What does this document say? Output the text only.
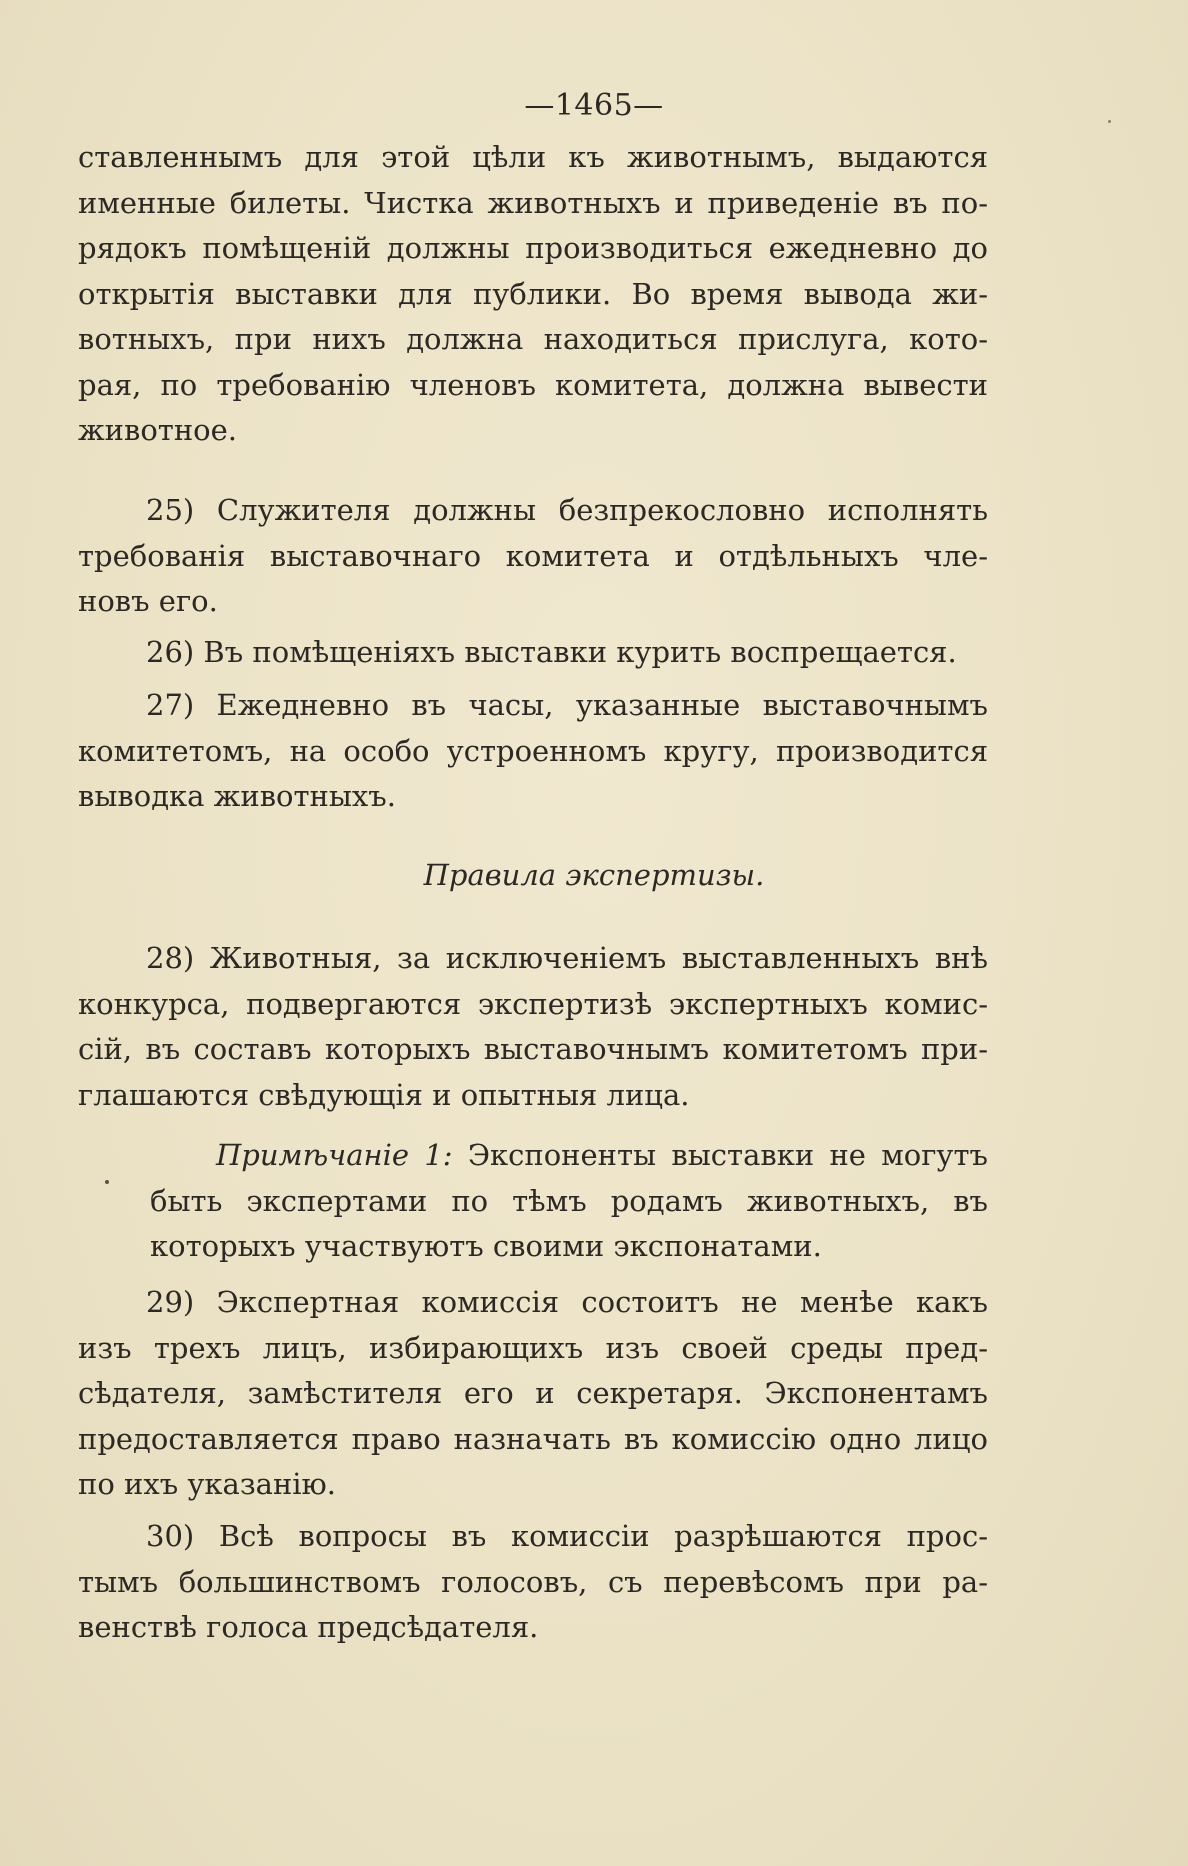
—1465—
ставленнымъ для этой цѣли къ животнымъ, выдаются
именные билеты. Чистка животныхъ и приведеніе въ по-
рядокъ помѣщеній должны производиться ежедневно до
открытія выставки для публики. Во время вывода жи-
вотныхъ, при нихъ должна находиться прислуга, кото-
рая, по требованію членовъ комитета, должна вывести
животное.
25) Служителя должны безпрекословно исполнять
требованія выставочнаго комитета и отдѣльныхъ чле-
новъ его.
26) Въ помѣщеніяхъ выставки курить воспрещается.
27) Ежедневно въ часы, указанные выставочнымъ
комитетомъ, на особо устроенномъ кругу, производится
выводка животныхъ.
Правила экспертизы.
28) Животныя, за исключеніемъ выставленныхъ внѣ
конкурса, подвергаются экспертизѣ экспертныхъ комис-
сій, въ составъ которыхъ выставочнымъ комитетомъ при-
глашаются свѣдующія и опытныя лица.
Примѣчаніе 1: Экспоненты выставки не могутъ
быть экспертами по тѣмъ родамъ животныхъ, въ
которыхъ участвуютъ своими экспонатами.
29) Экспертная комиссія состоитъ не менѣе какъ
изъ трехъ лицъ, избирающихъ изъ своей среды пред-
сѣдателя, замѣстителя его и секретаря. Экспонентамъ
предоставляется право назначать въ комиссію одно лицо
по ихъ указанію.
30) Всѣ вопросы въ комиссіи разрѣшаются прос-
тымъ большинствомъ голосовъ, съ перевѣсомъ при ра-
венствѣ голоса предсѣдателя.
